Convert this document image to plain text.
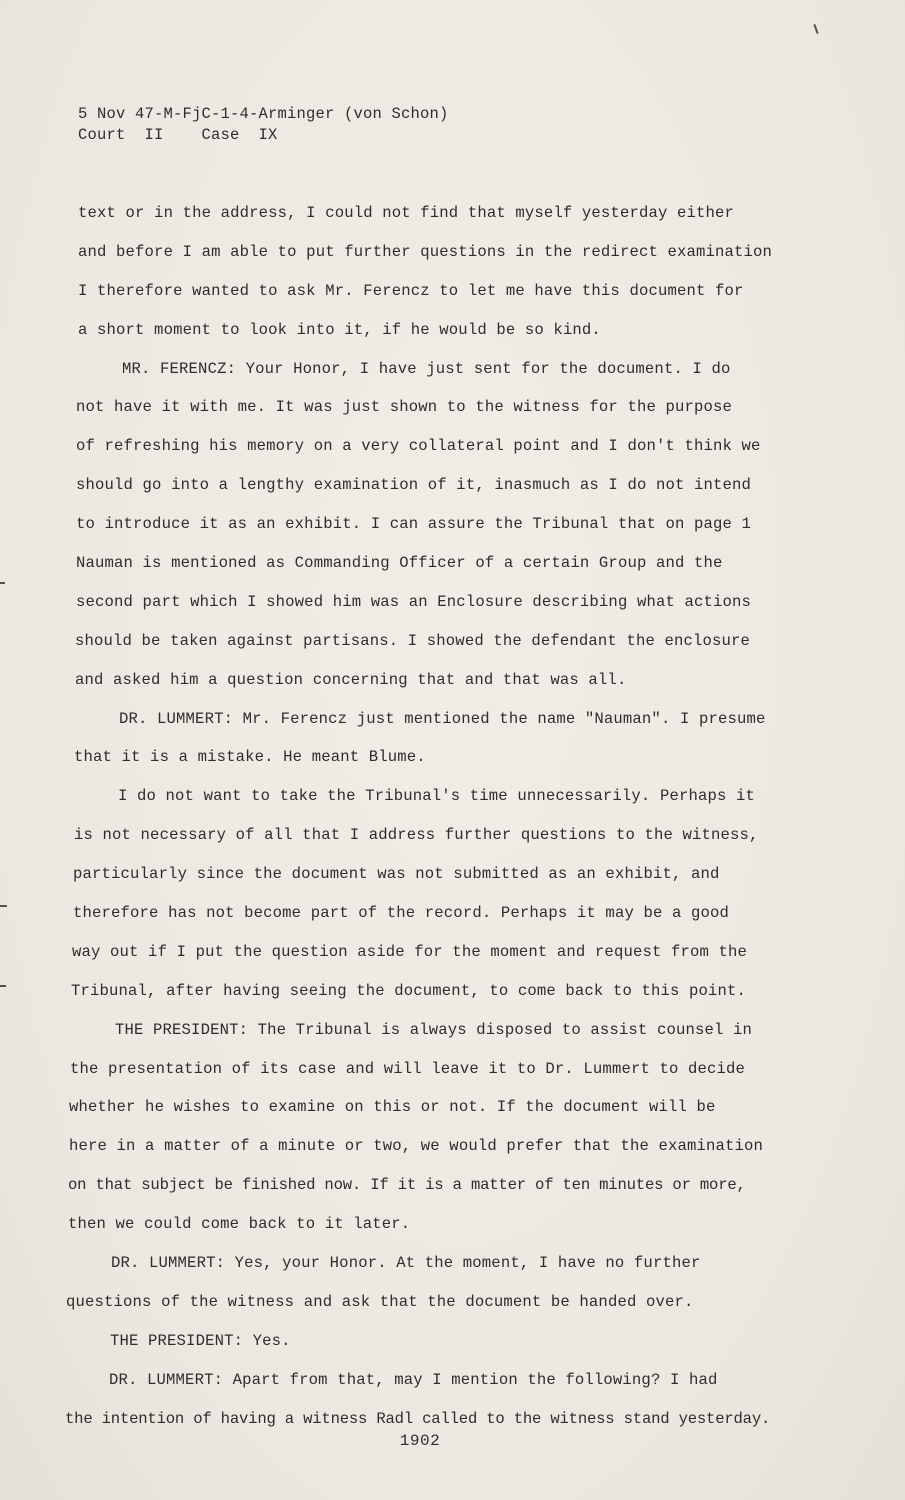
5 Nov 47-M-FjC-1-4-Arminger (von Schon)
Court  II    Case  IX
text or in the address, I could not find that myself yesterday either
and before I am able to put further questions in the redirect examination
I therefore wanted to ask Mr. Ferencz to let me have this document for
a short moment to look into it, if he would be so kind.
MR. FERENCZ: Your Honor, I have just sent for the document. I do
not have it with me. It was just shown to the witness for the purpose
of refreshing his memory on a very collateral point and I don't think we
should go into a lengthy examination of it, inasmuch as I do not intend
to introduce it as an exhibit. I can assure the Tribunal that on page 1
Nauman is mentioned as Commanding Officer of a certain Group and the
second part which I showed him was an Enclosure describing what actions
should be taken against partisans. I showed the defendant the enclosure
and asked him a question concerning that and that was all.
DR. LUMMERT: Mr. Ferencz just mentioned the name "Nauman". I presume
that it is a mistake. He meant Blume.
I do not want to take the Tribunal's time unnecessarily. Perhaps it
is not necessary of all that I address further questions to the witness,
particularly since the document was not submitted as an exhibit, and
therefore has not become part of the record. Perhaps it may be a good
way out if I put the question aside for the moment and request from the
Tribunal, after having seeing the document, to come back to this point.
THE PRESIDENT: The Tribunal is always disposed to assist counsel in
the presentation of its case and will leave it to Dr. Lummert to decide
whether he wishes to examine on this or not. If the document will be
here in a matter of a minute or two, we would prefer that the examination
on that subject be finished now. If it is a matter of ten minutes or more,
then we could come back to it later.
DR. LUMMERT: Yes, your Honor. At the moment, I have no further
questions of the witness and ask that the document be handed over.
THE PRESIDENT: Yes.
DR. LUMMERT: Apart from that, may I mention the following? I had
the intention of having a witness Radl called to the witness stand yesterday.
1902
